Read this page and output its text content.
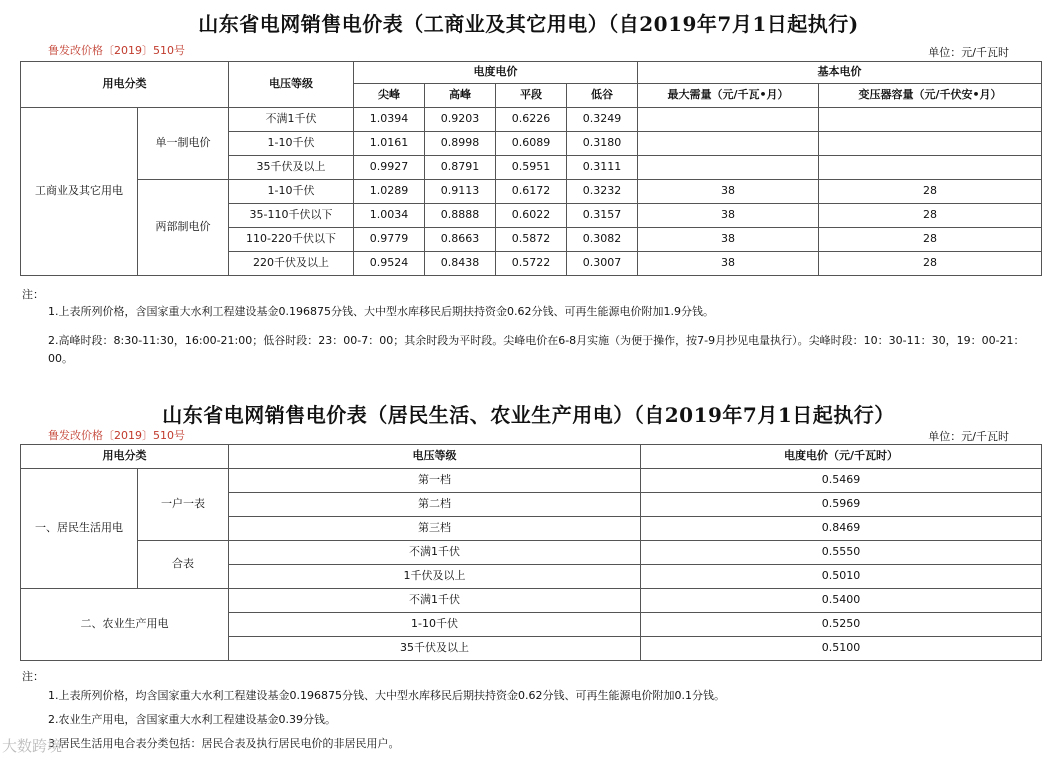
山东省电网销售电价表（工商业及其它用电）（自2019年7月1日起执行)
鲁发改价格〔2019〕510号	单位：元/千瓦时
用电分类		电压等级	电度电价				基本电价	
			尖峰	高峰	平段	低谷	最大需量（元/千瓦•月）	变压器容量（元/千伏安•月）
工商业及其它用电	单一制电价	不满1千伏	1.0394	0.9203	0.6226	0.3249		
		1-10千伏	1.0161	0.8998	0.6089	0.3180		
		35千伏及以上	0.9927	0.8791	0.5951	0.3111		
	两部制电价	1-10千伏	1.0289	0.9113	0.6172	0.3232	38	28
		35-110千伏以下	1.0034	0.8888	0.6022	0.3157	38	28
		110-220千伏以下	0.9779	0.8663	0.5872	0.3082	38	28
		220千伏及以上	0.9524	0.8438	0.5722	0.3007	38	28
注：
1.上表所列价格，含国家重大水利工程建设基金0.196875分钱、大中型水库移民后期扶持资金0.62分钱、可再生能源电价附加1.9分钱。
2.高峰时段：8:30-11:30，16:00-21:00；低谷时段：23：00-7：00；其余时段为平时段。尖峰电价在6-8月实施（为便于操作，按7-9月抄见电量执行）。尖峰时段：10：30-11：30，19：00-21：00。
山东省电网销售电价表（居民生活、农业生产用电）（自2019年7月1日起执行）
鲁发改价格〔2019〕510号	单位：元/千瓦时
用电分类		电压等级	电度电价（元/千瓦时）
一、居民生活用电	一户一表	第一档	0.5469
		第二档	0.5969
		第三档	0.8469
	合表	不满1千伏	0.5550
		1千伏及以上	0.5010
二、农业生产用电		不满1千伏	0.5400
		1-10千伏	0.5250
		35千伏及以上	0.5100
注：
1.上表所列价格，均含国家重大水利工程建设基金0.196875分钱、大中型水库移民后期扶持资金0.62分钱、可再生能源电价附加0.1分钱。
2.农业生产用电，含国家重大水利工程建设基金0.39分钱。
3.居民生活用电合表分类包括：居民合表及执行居民电价的非居民用户。
大数跨境
